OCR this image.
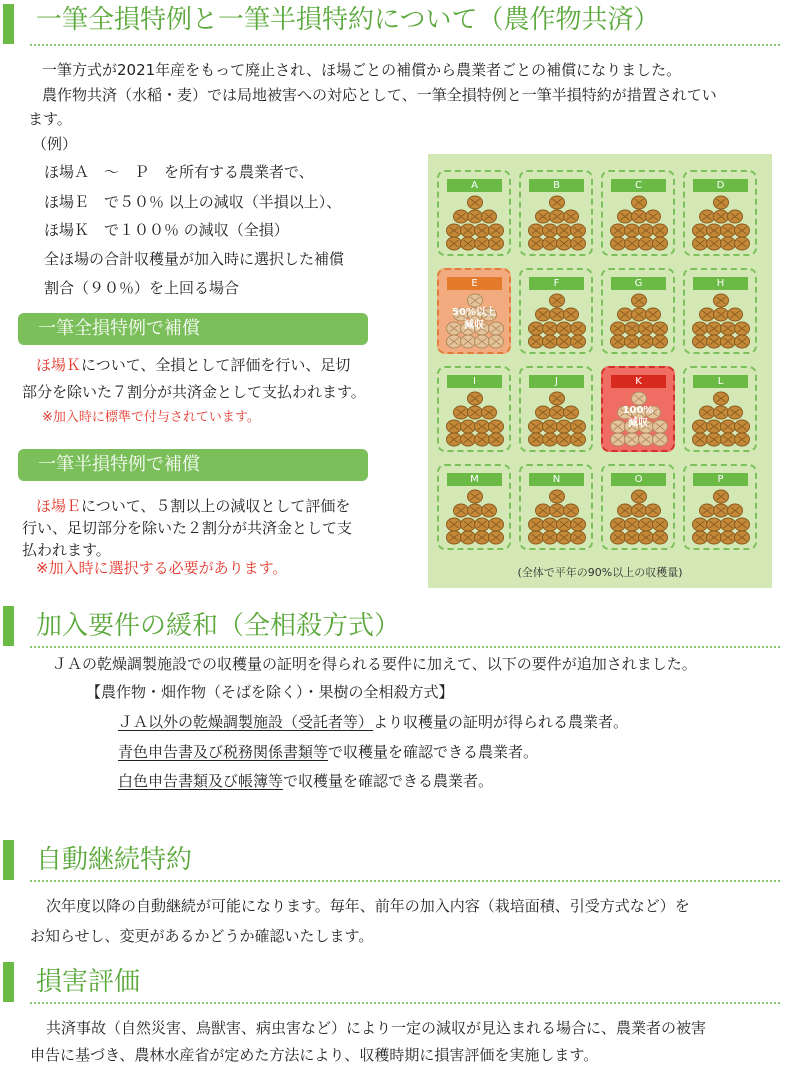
一筆全損特例と一筆半損特約について（農作物共済）
一筆方式が2021年産をもって廃止され、ほ場ごとの補償から農業者ごとの補償になりました。
農作物共済（水稲・麦）では局地被害への対応として、一筆全損特例と一筆半損特約が措置されてい
ます。
（例）
ほ場Ａ　～　Ｐ　を所有する農業者で、
ほ場Ｅ　で５０％ 以上の減収（半損以上）、
ほ場Ｋ　で１００％ の減収（全損）
全ほ場の合計収穫量が加入時に選択した補償
割合（９０％）を上回る場合
一筆全損特例で補償
ほ場Ｋについて、全損として評価を行い、足切
部分を除いた７割分が共済金として支払われます。
※加入時に標準で付与されています。
一筆半損特例で補償
ほ場Ｅについて、５割以上の減収として評価を
行い、足切部分を除いた２割分が共済金として支
払われます。
※加入時に選択する必要があります。
A	B	C	D
E
50%以上
減収
F	G	H
I	J	K
100%
減収
L
M	N	O	P
(全体で平年の90%以上の収穫量)
加入要件の緩和（全相殺方式）
ＪＡの乾燥調製施設での収穫量の証明を得られる要件に加えて、以下の要件が追加されました。
【農作物・畑作物（そばを除く）・果樹の全相殺方式】
ＪＡ以外の乾燥調製施設（受託者等）より収穫量の証明が得られる農業者。
青色申告書及び税務関係書類等で収穫量を確認できる農業者。
白色申告書類及び帳簿等で収穫量を確認できる農業者。
自動継続特約
次年度以降の自動継続が可能になります。毎年、前年の加入内容（栽培面積、引受方式など）を
お知らせし、変更があるかどうか確認いたします。
損害評価
共済事故（自然災害、鳥獣害、病虫害など）により一定の減収が見込まれる場合に、農業者の被害
申告に基づき、農林水産省が定めた方法により、収穫時期に損害評価を実施します。
